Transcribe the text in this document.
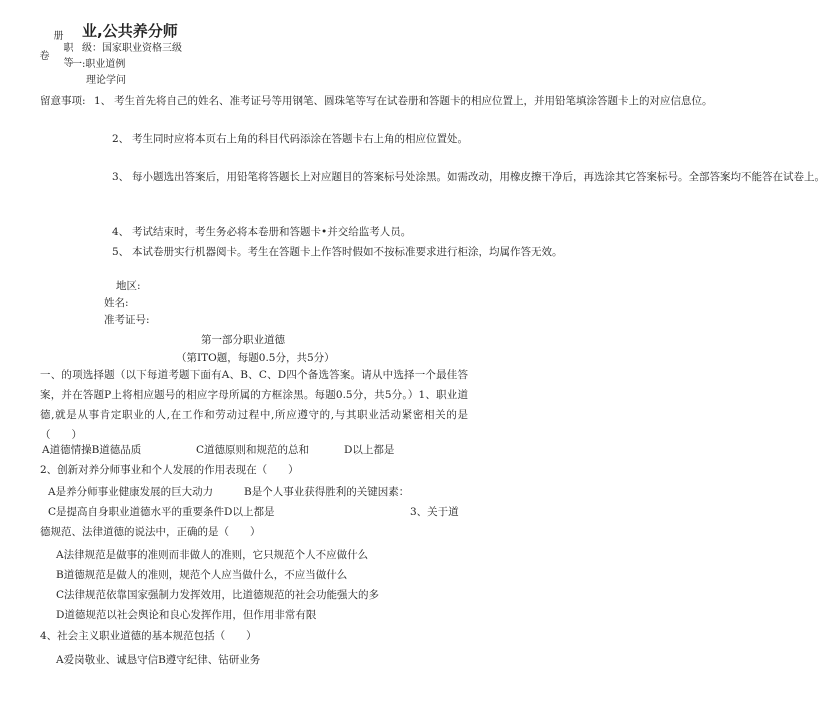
卷
册
职 等
业,公共养分师
级：国家职业资格三级
一:职业道例
理论学问
留意事项: 1、 考生首先将自己的姓名、准考证号等用钢笔、圆珠笔等写在试卷册和答题卡的相应位置上，并用铅笔填涂答题卡上的对应信息位。
2、 考生同时应将本页右上角的科目代码添涂在答题卡右上角的相应位置处。
3、 每小题选出答案后，用铅笔将答题长上对应题目的答案标号处涂黑。如需改动，用橡皮擦干净后，再选涂其它答案标号。全部答案均不能答在试卷上。
4、 考试结束时，考生务必将本卷册和答题卡•并交给监考人员。
5、 本试卷册实行机器阅卡。考生在答题卡上作答时假如不按标准要求进行柜涂，均属作答无效。
地区:
姓名:
准考证号:
第一部分职业道德
（第ITO题，每题0.5分，共5分）
一、的项选择题（以下每道考题下面有A、B、C、D四个备选答案。请从中选择一个最佳答案，并在答题P上将相应题号的相应字母所属的方框涂黑。每题0.5分，共5分。）1、职业道德,就是从事肯定职业的人,在工作和劳动过程中,所应遵守的,与其职业活动紧密相关的是（　　）
A道德情操B道德品质	C道德原则和规范的总和	D以上都是
2、创新对养分师事业和个人发展的作用表现在（　　）
A是养分师事业健康发展的巨大动力	B是个人事业获得胜利的关键因素：
C是提高自身职业道德水平的重要条件D以上都是	3、关于道
德规范、法律道德的说法中，正确的是（　　）
A法律规范是做事的准则而非做人的准则，它只规范个人不应做什么
B道德规范是做人的准则，规范个人应当做什么，不应当做什么
C法律规范依靠国家强制力发挥效用，比道德规范的社会功能强大的多
D道德规范以社会舆论和良心发挥作用，但作用非常有限
4、社会主义职业道德的基本规范包括（　　）
A爱岗敬业、诚恳守信B遵守纪律、钻研业务
